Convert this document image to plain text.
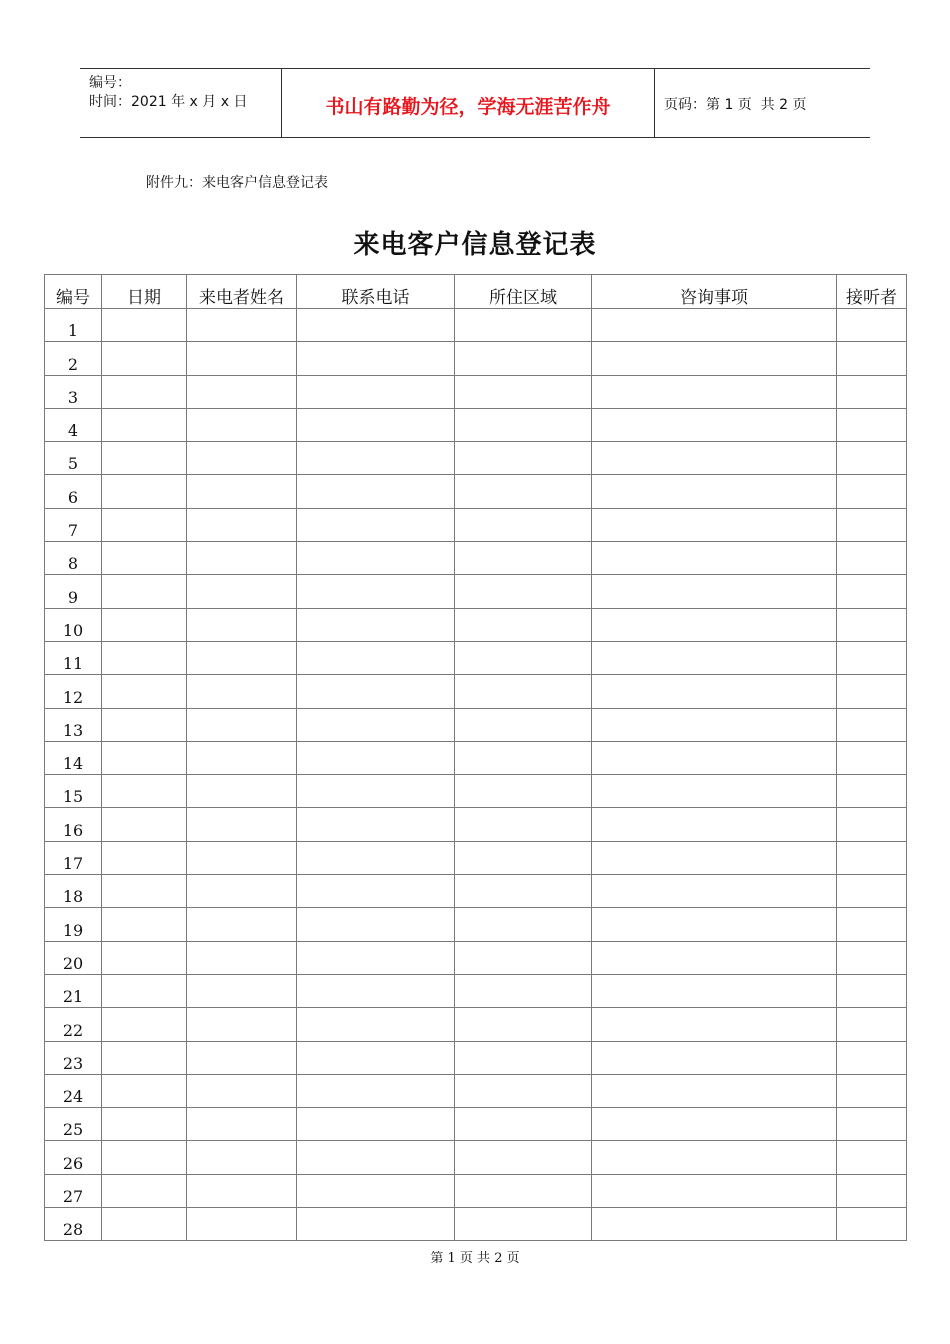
编号：
时间：2021 年 x 月 x 日	书山有路勤为径，学海无涯苦作舟	页码：第 1 页  共 2 页
附件九：来电客户信息登记表
来电客户信息登记表
编号	日期	来电者姓名	联系电话	所住区域	咨询事项	接听者
1						
2						
3						
4						
5						
6						
7						
8						
9						
10						
11						
12						
13						
14						
15						
16						
17						
18						
19						
20						
21						
22						
23						
24						
25						
26						
27						
28						
第 1 页 共 2 页
